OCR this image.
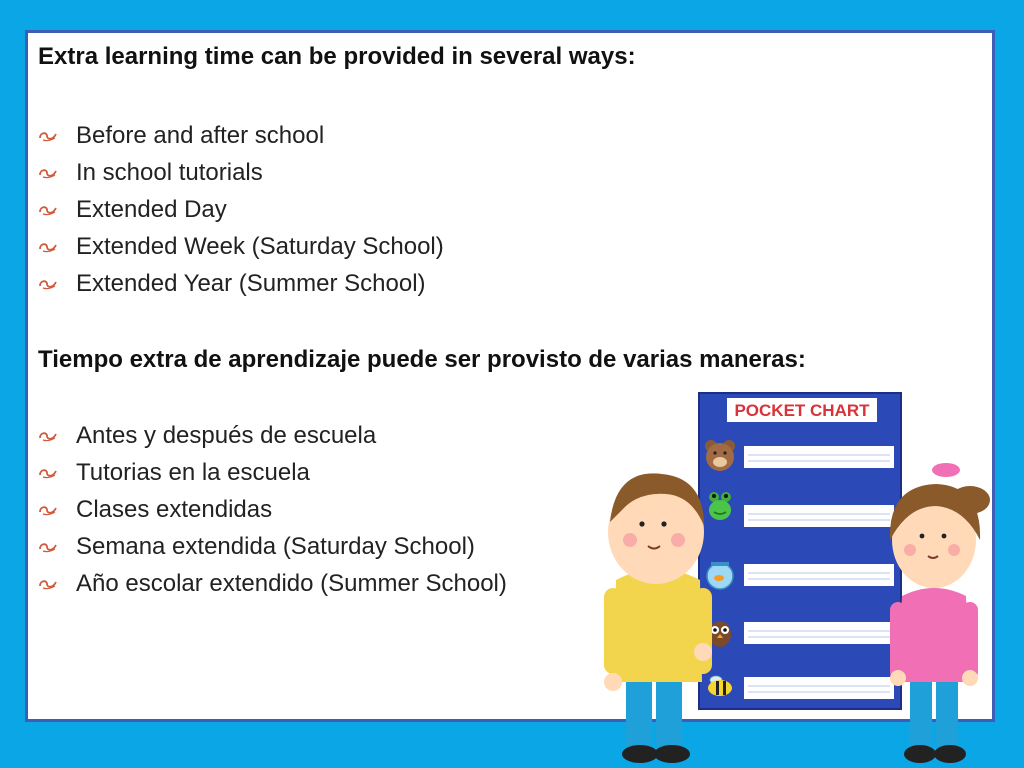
Extra learning time can be provided in several ways:
Before and after school
In school tutorials
Extended Day
Extended Week (Saturday School)
Extended Year (Summer School)
Tiempo extra de aprendizaje puede ser provisto de varias maneras:
Antes y después de escuela
Tutorias en la escuela
Clases extendidas
Semana extendida (Saturday School)
Año escolar extendido (Summer School)
POCKET CHART
